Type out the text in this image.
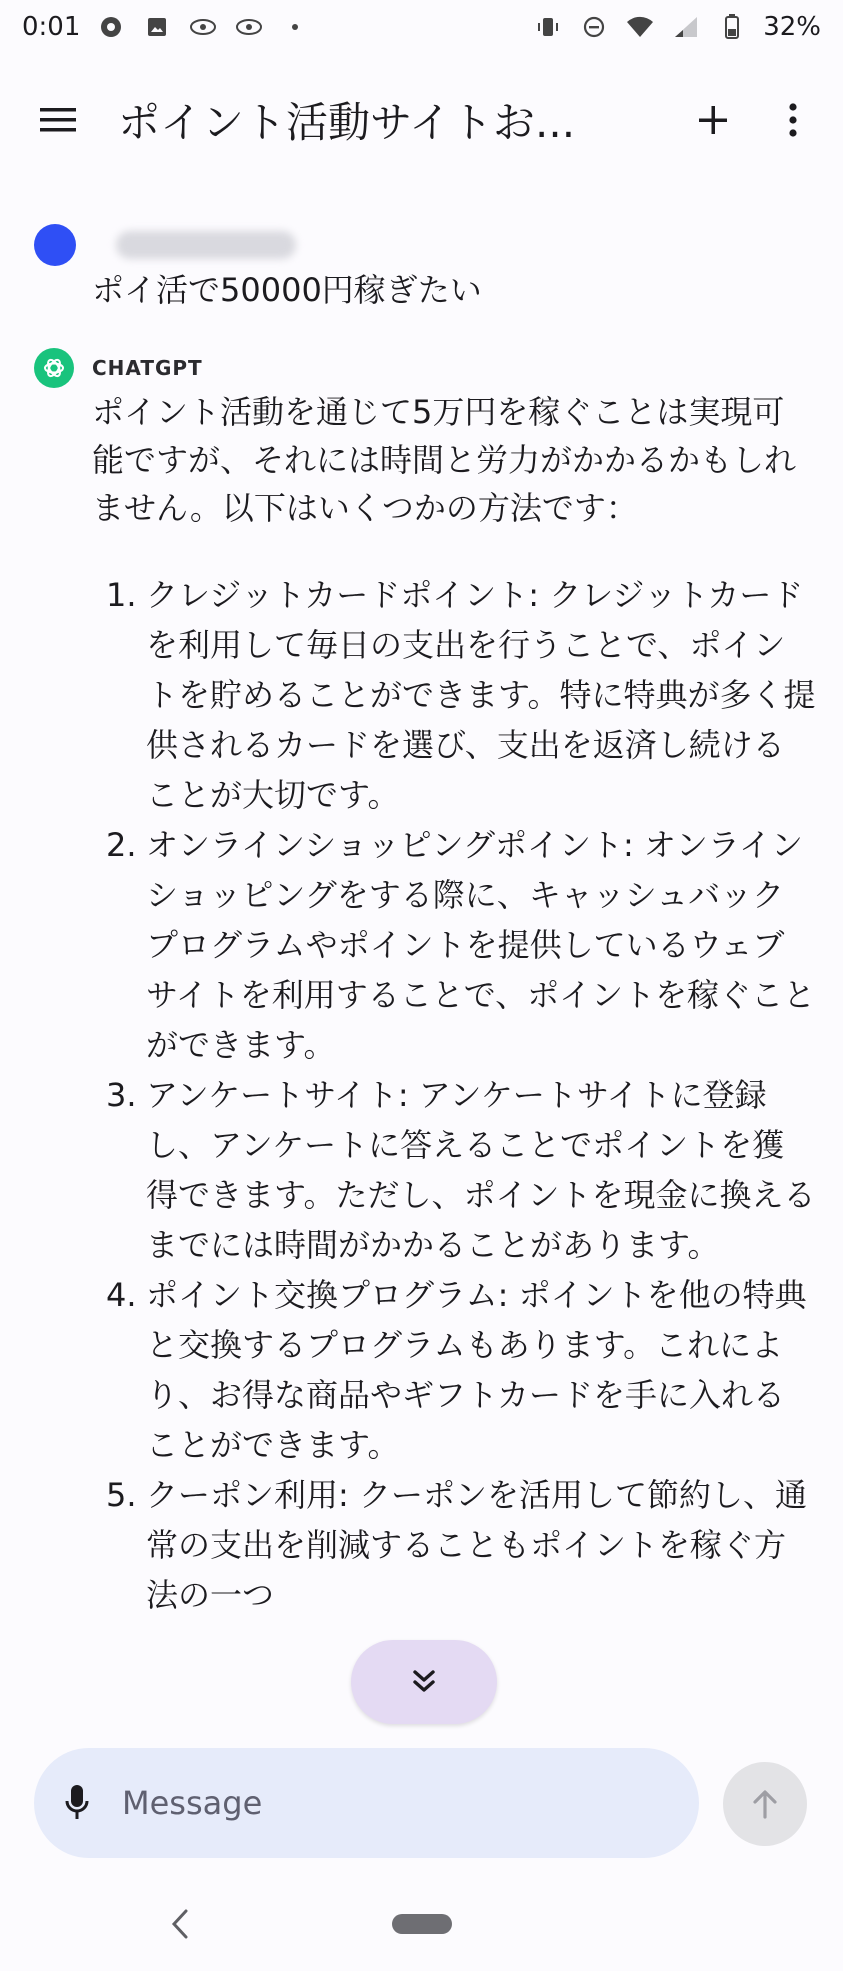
0:01	32%
ポイント活動サイトお...
ポイ活で50000円稼ぎたい
CHATGPT
ポイント活動を通じて5万円を稼ぐことは実現可能ですが、それには時間と労力がかかるかもしれません。以下はいくつかの方法です：
1. クレジットカードポイント: クレジットカードを利用して毎日の支出を行うことで、ポイントを貯めることができます。特に特典が多く提供されるカードを選び、支出を返済し続けることが大切です。
2. オンラインショッピングポイント: オンラインショッピングをする際に、キャッシュバックプログラムやポイントを提供しているウェブサイトを利用することで、ポイントを稼ぐことができます。
3. アンケートサイト: アンケートサイトに登録し、アンケートに答えることでポイントを獲得できます。ただし、ポイントを現金に換えるまでには時間がかかることがあります。
4. ポイント交換プログラム: ポイントを他の特典と交換するプログラムもあります。これにより、お得な商品やギフトカードを手に入れることができます。
5. クーポン利用: クーポンを活用して節約し、通常の支出を削減することもポイントを稼ぐ方法の一つ
Message
